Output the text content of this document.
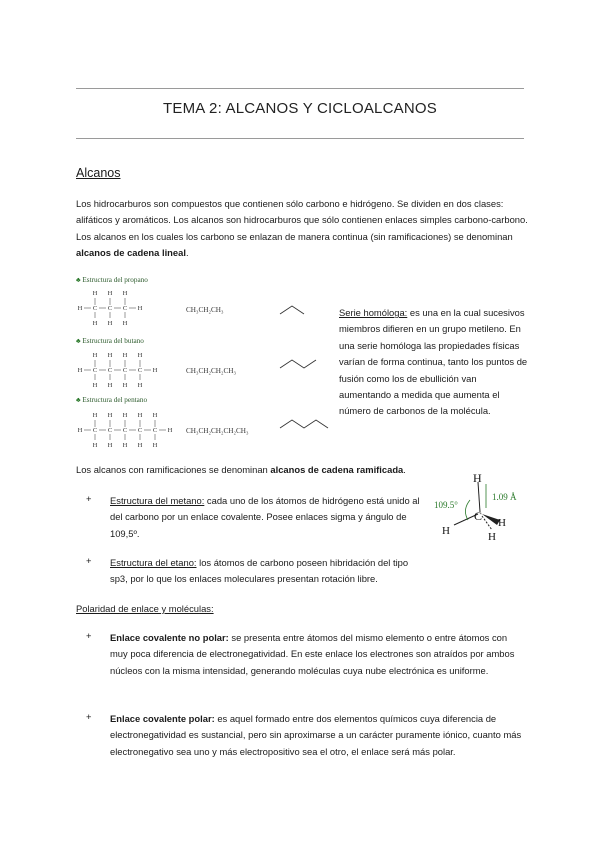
TEMA 2: ALCANOS Y CICLOALCANOS
Alcanos
Los hidrocarburos son compuestos que contienen sólo carbono e hidrógeno. Se dividen en dos clases: alifáticos y aromáticos. Los alcanos son hidrocarburos que sólo contienen enlaces simples carbono-carbono. Los alcanos en los cuales los carbono se enlazan de manera continua (sin ramificaciones) se denominan alcanos de cadena lineal.
♣ Estructura del propano
♣ Estructura del butano
♣ Estructura del pentano
H C
H
H
C
H
H
C
H
H
H
H C
H
H
C
H
H
C
H
H
C
H
H
H
H C
H
H
C
H
H
C
H
H
C
H
H
C
H
H
H
CH₃CH₂CH₃
CH₃CH₂CH₂CH₃
CH₃CH₂CH₂CH₂CH₃
Serie homóloga: es una en la cual sucesivos miembros difieren en un grupo metileno. En una serie homóloga las propiedades físicas varían de forma continua, tanto los puntos de fusión como los de ebullición van aumentando a medida que aumenta el número de carbonos de la molécula.
Los alcanos con ramificaciones se denominan alcanos de cadena ramificada.
H
C
H
H
H
109.5°
1.09 Å
+ Estructura del metano: cada uno de los átomos de hidrógeno está unido al del carbono por un enlace covalente. Posee enlaces sigma y ángulo de 109,5º.
+ Estructura del etano: los átomos de carbono poseen hibridación del tipo sp3, por lo que los enlaces moleculares presentan rotación libre.
Polaridad de enlace y moléculas:
+ Enlace covalente no polar: se presenta entre átomos del mismo elemento o entre átomos con muy poca diferencia de electronegatividad. En este enlace los electrones son atraídos por ambos núcleos con la misma intensidad, generando moléculas cuya nube electrónica es uniforme.
+ Enlace covalente polar: es aquel formado entre dos elementos químicos cuya diferencia de electronegatividad es sustancial, pero sin aproximarse a un carácter puramente iónico, cuanto más electronegativo sea uno y más electropositivo sea el otro, el enlace será más polar.
